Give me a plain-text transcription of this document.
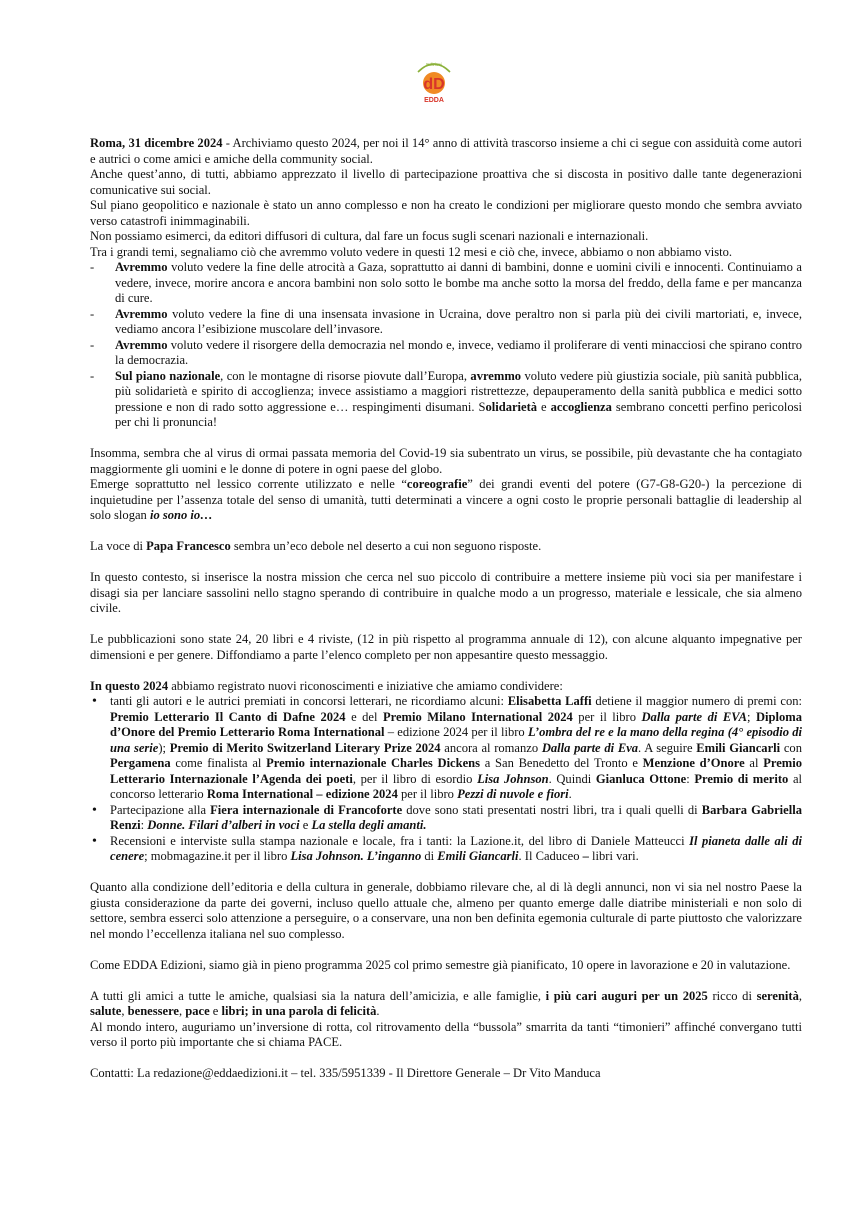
Edizioni
dD
EDDA

Roma, 31 dicembre 2024 - Archiviamo questo 2024, per noi il 14° anno di attività trascorso insieme a chi ci segue con assiduità come autori e autrici o come amici e amiche della community social.

Anche quest’anno, di tutti, abbiamo apprezzato il livello di partecipazione proattiva che si discosta in positivo dalle tante degenerazioni comunicative sui social.

Sul piano geopolitico e nazionale è stato un anno complesso e non ha creato le condizioni per migliorare questo mondo che sembra avviato verso catastrofi inimmaginabili.

Non possiamo esimerci, da editori diffusori di cultura, dal fare un focus sugli scenari nazionali e internazionali.

Tra i grandi temi, segnaliamo ciò che avremmo voluto vedere in questi 12 mesi e ciò che, invece, abbiamo o non abbiamo visto.

- Avremmo voluto vedere la fine delle atrocità a Gaza, soprattutto ai danni di bambini, donne e uomini civili e innocenti. Continuiamo a vedere, invece, morire ancora e ancora bambini non solo sotto le bombe ma anche sotto la morsa del freddo, della fame e per mancanza di cure.
- Avremmo voluto vedere la fine di una insensata invasione in Ucraina, dove peraltro non si parla più dei civili martoriati, e, invece, vediamo ancora l’esibizione muscolare dell’invasore.
- Avremmo voluto vedere il risorgere della democrazia nel mondo e, invece, vediamo il proliferare di venti minacciosi che spirano contro la democrazia.
- Sul piano nazionale, con le montagne di risorse piovute dall’Europa, avremmo voluto vedere più giustizia sociale, più sanità pubblica, più solidarietà e spirito di accoglienza; invece assistiamo a maggiori ristrettezze, depauperamento della sanità pubblica e medici sotto pressione e non di rado sotto aggressione e… respingimenti disumani. Solidarietà e accoglienza sembrano concetti perfino pericolosi per chi li pronuncia!

Insomma, sembra che al virus di ormai passata memoria del Covid-19 sia subentrato un virus, se possibile, più devastante che ha contagiato maggiormente gli uomini e le donne di potere in ogni paese del globo.

Emerge soprattutto nel lessico corrente utilizzato e nelle “coreografie” dei grandi eventi del potere (G7-G8-G20-) la percezione di inquietudine per l’assenza totale del senso di umanità, tutti determinati a vincere a ogni costo le proprie personali battaglie di leadership al solo slogan io sono io…

La voce di Papa Francesco sembra un’eco debole nel deserto a cui non seguono risposte.

In questo contesto, si inserisce la nostra mission che cerca nel suo piccolo di contribuire a mettere insieme più voci sia per manifestare i disagi sia per lanciare sassolini nello stagno sperando di contribuire in qualche modo a un progresso, materiale e lessicale, che sia almeno civile.

Le pubblicazioni sono state 24, 20 libri e 4 riviste, (12 in più rispetto al programma annuale di 12), con alcune alquanto impegnative per dimensioni e per genere. Diffondiamo a parte l’elenco completo per non appesantire questo messaggio.

In questo 2024 abbiamo registrato nuovi riconoscimenti e iniziative che amiamo condividere:

• tanti gli autori e le autrici premiati in concorsi letterari, ne ricordiamo alcuni: Elisabetta Laffi detiene il maggior numero di premi con: Premio Letterario Il Canto di Dafne 2024 e del Premio Milano International 2024 per il libro Dalla parte di EVA; Diploma d’Onore del Premio Letterario Roma International – edizione 2024 per il libro L’ombra del re e la mano della regina (4° episodio di una serie); Premio di Merito Switzerland Literary Prize 2024 ancora al romanzo Dalla parte di Eva. A seguire Emili Giancarli con Pergamena come finalista al Premio internazionale Charles Dickens a San Benedetto del Tronto e Menzione d’Onore al Premio Letterario Internazionale l’Agenda dei poeti, per il libro di esordio Lisa Johnson. Quindi Gianluca Ottone: Premio di merito al concorso letterario Roma International – edizione 2024 per il libro Pezzi di nuvole e fiori.
• Partecipazione alla Fiera internazionale di Francoforte dove sono stati presentati nostri libri, tra i quali quelli di Barbara Gabriella Renzi: Donne. Filari d’alberi in voci e La stella degli amanti.
• Recensioni e interviste sulla stampa nazionale e locale, fra i tanti: la Lazione.it, del libro di Daniele Matteucci Il pianeta dalle ali di cenere; mobmagazine.it per il libro Lisa Johnson. L’inganno di Emili Giancarli. Il Caduceo – libri vari.

Quanto alla condizione dell’editoria e della cultura in generale, dobbiamo rilevare che, al di là degli annunci, non vi sia nel nostro Paese la giusta considerazione da parte dei governi, incluso quello attuale che, almeno per quanto emerge dalle diatribe ministeriali e non solo di settore, sembra esserci solo attenzione a perseguire, o a conservare, una non ben definita egemonia culturale di parte piuttosto che valorizzare nel mondo l’eccellenza italiana nel suo complesso.

Come EDDA Edizioni, siamo già in pieno programma 2025 col primo semestre già pianificato, 10 opere in lavorazione e 20 in valutazione.

A tutti gli amici a tutte le amiche, qualsiasi sia la natura dell’amicizia, e alle famiglie, i più cari auguri per un 2025 ricco di serenità, salute, benessere, pace e libri; in una parola di felicità.

Al mondo intero, auguriamo un’inversione di rotta, col ritrovamento della “bussola” smarrita da tanti “timonieri” affinché convergano tutti verso il porto più importante che si chiama PACE.

Contatti: La redazione@eddaedizioni.it – tel. 335/5951339 - Il Direttore Generale – Dr Vito Manduca
